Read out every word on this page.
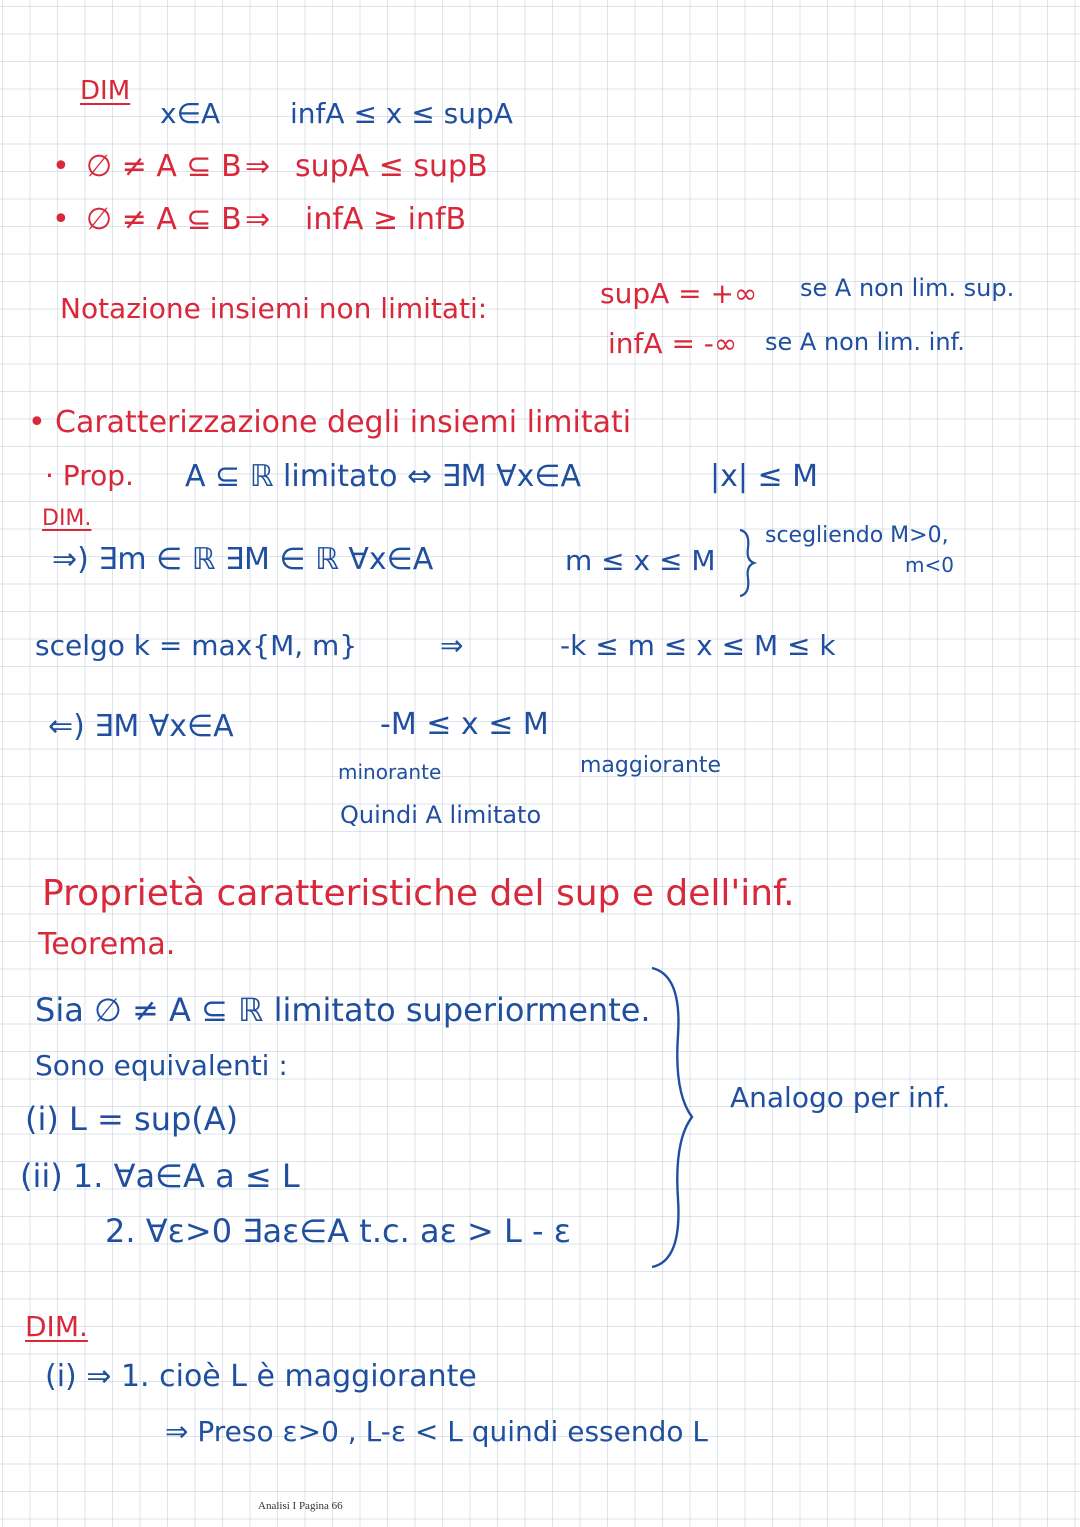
DIM
x∈A infA ≤ x ≤ supA
• ∅ ≠ A ⊆ B ⇒ supA ≤ supB
• ∅ ≠ A ⊆ B ⇒ infA ≥ infB
Notazione insiemi non limitati:	supA = +∞ se A non lim. sup.
infA = -∞ se A non lim. inf.
• Caratterizzazione degli insiemi limitati
· Prop. A ⊆ ℝ limitato ⇔ ∃M ∀x∈A	|x| ≤ M
DIM.
⇒) ∃m ∈ ℝ ∃M ∈ ℝ ∀x∈A	m ≤ x ≤ M
scegliendo M>0,
m<0
scelgo k = max{M, m}	⇒	-k ≤ m ≤ x ≤ M ≤ k
⇐) ∃M ∀x∈A	-M ≤ x ≤ M
minorante	maggiorante
Quindi A limitato
Proprietà caratteristiche del sup e dell'inf.
Teorema.
Sia ∅ ≠ A ⊆ ℝ limitato superiormente.
Sono equivalenti :
(i) L = sup(A)
(ii) 1. ∀a∈A a ≤ L
2. ∀ε>0 ∃aε∈A t.c. aε > L - ε
Analogo per inf.
DIM.
(i) ⇒ 1. cioè L è maggiorante
⇒ Preso ε>0 , L-ε < L quindi essendo L
Analisi I Pagina 66
